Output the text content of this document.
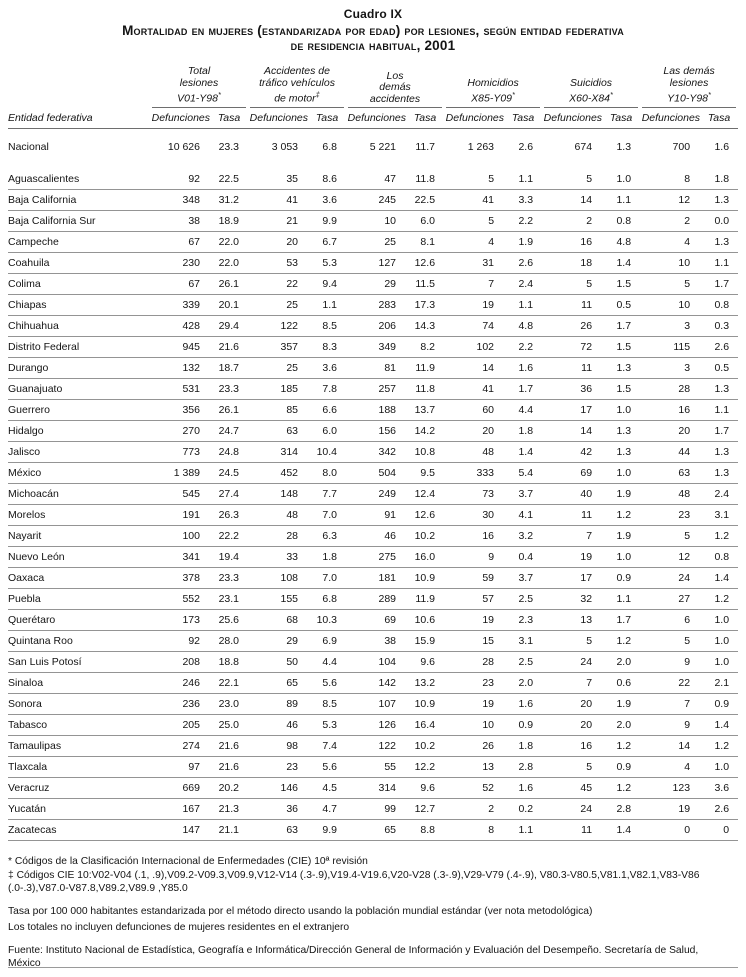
Cuadro IX
Mortalidad en mujeres (estandarizada por edad) por lesiones, según entidad federativa
de residencia habitual, 2001

Total
lesiones
V01-Y98*

Accidentes de
tráfico vehículos
de motor‡

Los
demás
accidentes

Homicidios
X85-Y09*

Suicidios
X60-X84*

Las demás
lesiones
Y10-Y98*

Entidad federativa	Defunciones	Tasa	Defunciones	Tasa	Defunciones	Tasa	Defunciones	Tasa	Defunciones	Tasa	Defunciones	Tasa
Nacional	10 626	23.3	3 053	6.8	5 221	11.7	1 263	2.6	674	1.3	700	1.6
Aguascalientes	92	22.5	35	8.6	47	11.8	5	1.1	5	1.0	8	1.8
Baja California	348	31.2	41	3.6	245	22.5	41	3.3	14	1.1	12	1.3
Baja California Sur	38	18.9	21	9.9	10	6.0	5	2.2	2	0.8	2	0.0
Campeche	67	22.0	20	6.7	25	8.1	4	1.9	16	4.8	4	1.3
Coahuila	230	22.0	53	5.3	127	12.6	31	2.6	18	1.4	10	1.1
Colima	67	26.1	22	9.4	29	11.5	7	2.4	5	1.5	5	1.7
Chiapas	339	20.1	25	1.1	283	17.3	19	1.1	11	0.5	10	0.8
Chihuahua	428	29.4	122	8.5	206	14.3	74	4.8	26	1.7	3	0.3
Distrito Federal	945	21.6	357	8.3	349	8.2	102	2.2	72	1.5	115	2.6
Durango	132	18.7	25	3.6	81	11.9	14	1.6	11	1.3	3	0.5
Guanajuato	531	23.3	185	7.8	257	11.8	41	1.7	36	1.5	28	1.3
Guerrero	356	26.1	85	6.6	188	13.7	60	4.4	17	1.0	16	1.1
Hidalgo	270	24.7	63	6.0	156	14.2	20	1.8	14	1.3	20	1.7
Jalisco	773	24.8	314	10.4	342	10.8	48	1.4	42	1.3	44	1.3
México	1 389	24.5	452	8.0	504	9.5	333	5.4	69	1.0	63	1.3
Michoacán	545	27.4	148	7.7	249	12.4	73	3.7	40	1.9	48	2.4
Morelos	191	26.3	48	7.0	91	12.6	30	4.1	11	1.2	23	3.1
Nayarit	100	22.2	28	6.3	46	10.2	16	3.2	7	1.9	5	1.2
Nuevo León	341	19.4	33	1.8	275	16.0	9	0.4	19	1.0	12	0.8
Oaxaca	378	23.3	108	7.0	181	10.9	59	3.7	17	0.9	24	1.4
Puebla	552	23.1	155	6.8	289	11.9	57	2.5	32	1.1	27	1.2
Querétaro	173	25.6	68	10.3	69	10.6	19	2.3	13	1.7	6	1.0
Quintana Roo	92	28.0	29	6.9	38	15.9	15	3.1	5	1.2	5	1.0
San Luis Potosí	208	18.8	50	4.4	104	9.6	28	2.5	24	2.0	9	1.0
Sinaloa	246	22.1	65	5.6	142	13.2	23	2.0	7	0.6	22	2.1
Sonora	236	23.0	89	8.5	107	10.9	19	1.6	20	1.9	7	0.9
Tabasco	205	25.0	46	5.3	126	16.4	10	0.9	20	2.0	9	1.4
Tamaulipas	274	21.6	98	7.4	122	10.2	26	1.8	16	1.2	14	1.2
Tlaxcala	97	21.6	23	5.6	55	12.2	13	2.8	5	0.9	4	1.0
Veracruz	669	20.2	146	4.5	314	9.6	52	1.6	45	1.2	123	3.6
Yucatán	167	21.3	36	4.7	99	12.7	2	0.2	24	2.8	19	2.6
Zacatecas	147	21.1	63	9.9	65	8.8	8	1.1	11	1.4	0	0

* Códigos de la Clasificación Internacional de Enfermedades (CIE) 10ª revisión

‡ Códigos CIE 10:V02-V04 (.1, .9),V09.2-V09.3,V09.9,V12-V14 (.3-.9),V19.4-V19.6,V20-V28 (.3-.9),V29-V79 (.4-.9), V80.3-V80.5,V81.1,V82.1,V83-V86 (.0-.3),V87.0-V87.8,V89.2,V89.9 ,Y85.0

Tasa por 100 000 habitantes estandarizada por el método directo usando la población mundial estándar (ver nota metodológica)

Los totales no incluyen defunciones de mujeres residentes en el extranjero

Fuente: Instituto Nacional de Estadística, Geografía e Informática/Dirección General de Información y Evaluación del Desempeño. Secretaría de Salud, México
